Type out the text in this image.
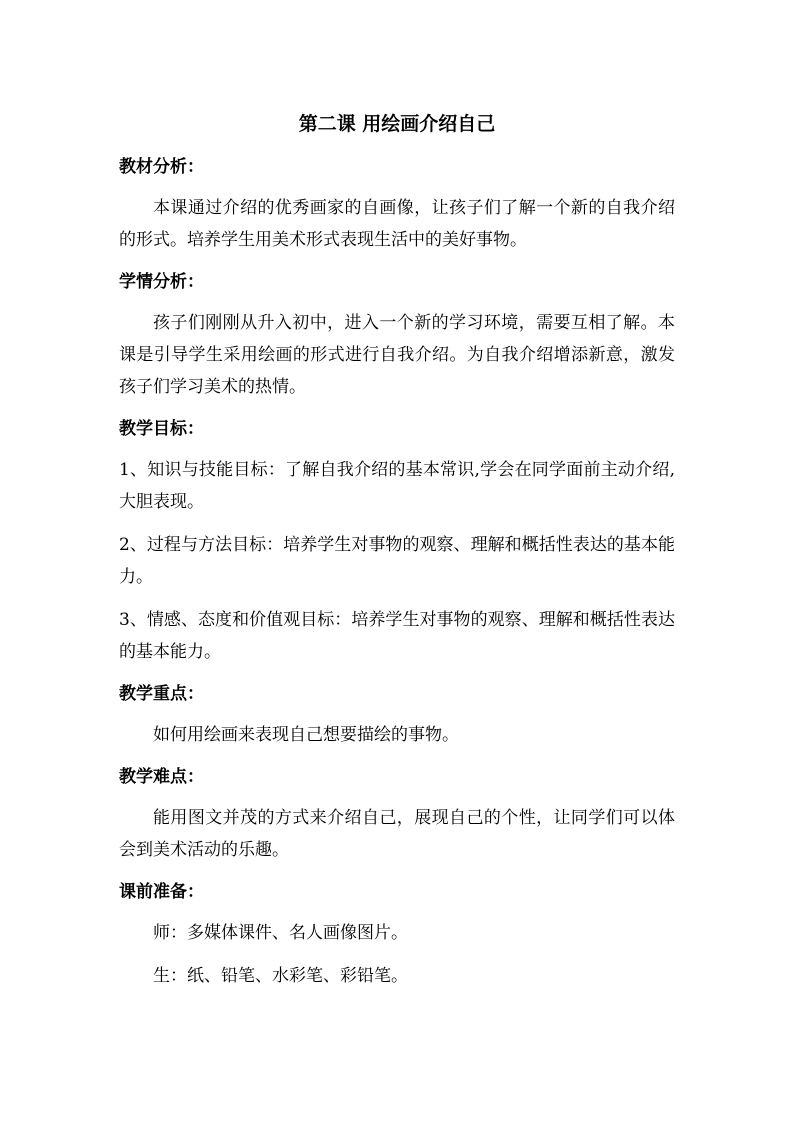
第二课 用绘画介绍自己
教材分析：
本课通过介绍的优秀画家的自画像，让孩子们了解一个新的自我介绍的形式。培养学生用美术形式表现生活中的美好事物。
学情分析：
孩子们刚刚从升入初中，进入一个新的学习环境，需要互相了解。本课是引导学生采用绘画的形式进行自我介绍。为自我介绍增添新意，激发孩子们学习美术的热情。
教学目标：
1、知识与技能目标：了解自我介绍的基本常识,学会在同学面前主动介绍,大胆表现。
2、过程与方法目标：培养学生对事物的观察、理解和概括性表达的基本能力。
3、情感、态度和价值观目标：培养学生对事物的观察、理解和概括性表达的基本能力。
教学重点：
如何用绘画来表现自己想要描绘的事物。
教学难点：
能用图文并茂的方式来介绍自己，展现自己的个性，让同学们可以体会到美术活动的乐趣。
课前准备：
师：多媒体课件、名人画像图片。
生：纸、铅笔、水彩笔、彩铅笔。
